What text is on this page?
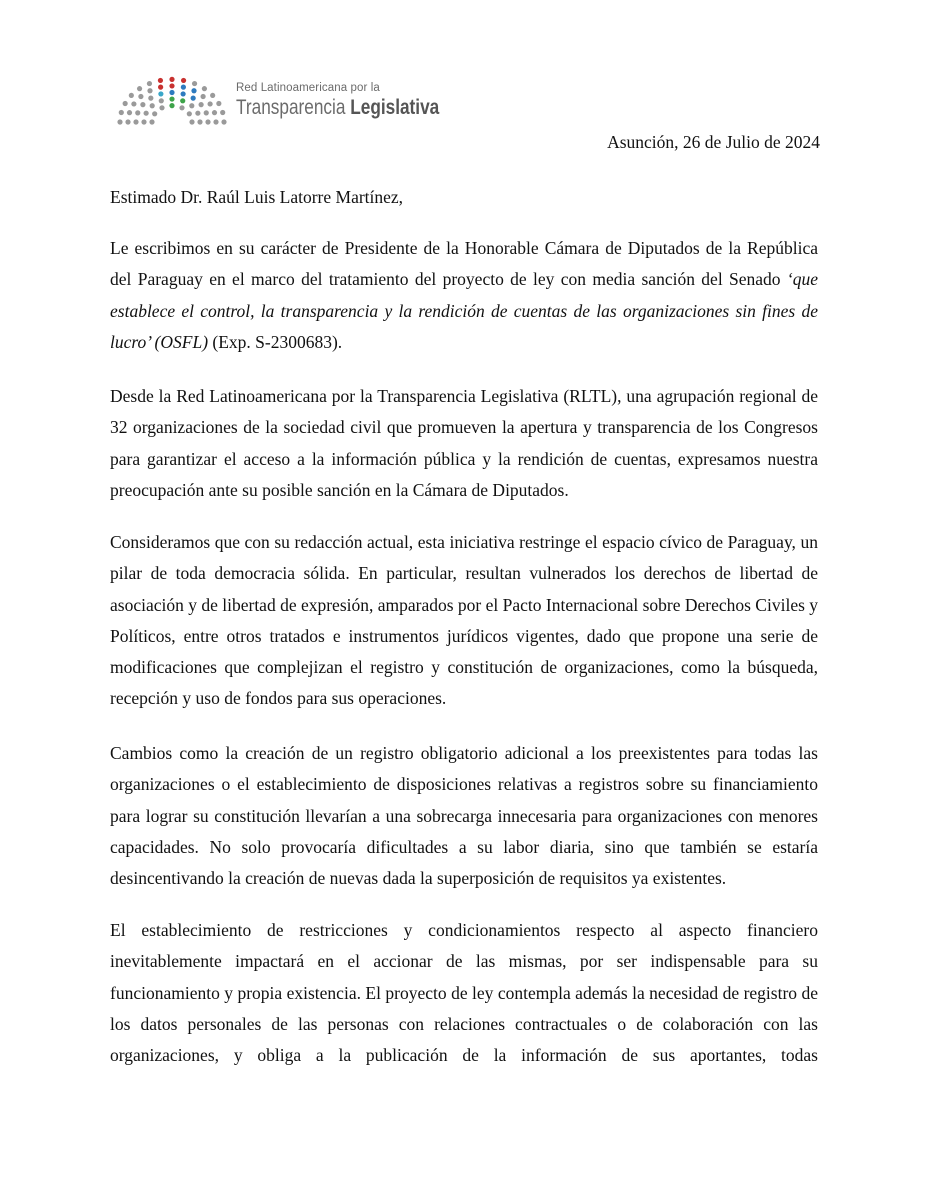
Red Latinoamericana por la
Transparencia Legislativa
Asunción, 26 de Julio de 2024
Estimado Dr. Raúl Luis Latorre Martínez,

Le escribimos en su carácter de Presidente de la Honorable Cámara de Diputados de la República del Paraguay en el marco del tratamiento del proyecto de ley con media sanción del Senado ‘que establece el control, la transparencia y la rendición de cuentas de las organizaciones sin fines de lucro’ (OSFL) (Exp. S-2300683).

Desde la Red Latinoamericana por la Transparencia Legislativa (RLTL), una agrupación regional de 32 organizaciones de la sociedad civil que promueven la apertura y transparencia de los Congresos para garantizar el acceso a la información pública y la rendición de cuentas, expresamos nuestra preocupación ante su posible sanción en la Cámara de Diputados.

Consideramos que con su redacción actual, esta iniciativa restringe el espacio cívico de Paraguay, un pilar de toda democracia sólida. En particular, resultan vulnerados los derechos de libertad de asociación y de libertad de expresión, amparados por el Pacto Internacional sobre Derechos Civiles y Políticos, entre otros tratados e instrumentos jurídicos vigentes, dado que propone una serie de modificaciones que complejizan el registro y constitución de organizaciones, como la búsqueda, recepción y uso de fondos para sus operaciones.

Cambios como la creación de un registro obligatorio adicional a los preexistentes para todas las organizaciones o el establecimiento de disposiciones relativas a registros sobre su financiamiento para lograr su constitución llevarían a una sobrecarga innecesaria para organizaciones con menores capacidades. No solo provocaría dificultades a su labor diaria, sino que también se estaría desincentivando la creación de nuevas dada la superposición de requisitos ya existentes.

El establecimiento de restricciones y condicionamientos respecto al aspecto financiero inevitablemente impactará en el accionar de las mismas, por ser indispensable para su funcionamiento y propia existencia. El proyecto de ley contempla además la necesidad de registro de los datos personales de las personas con relaciones contractuales o de colaboración con las organizaciones, y obliga a la publicación de la información de sus aportantes, todas
